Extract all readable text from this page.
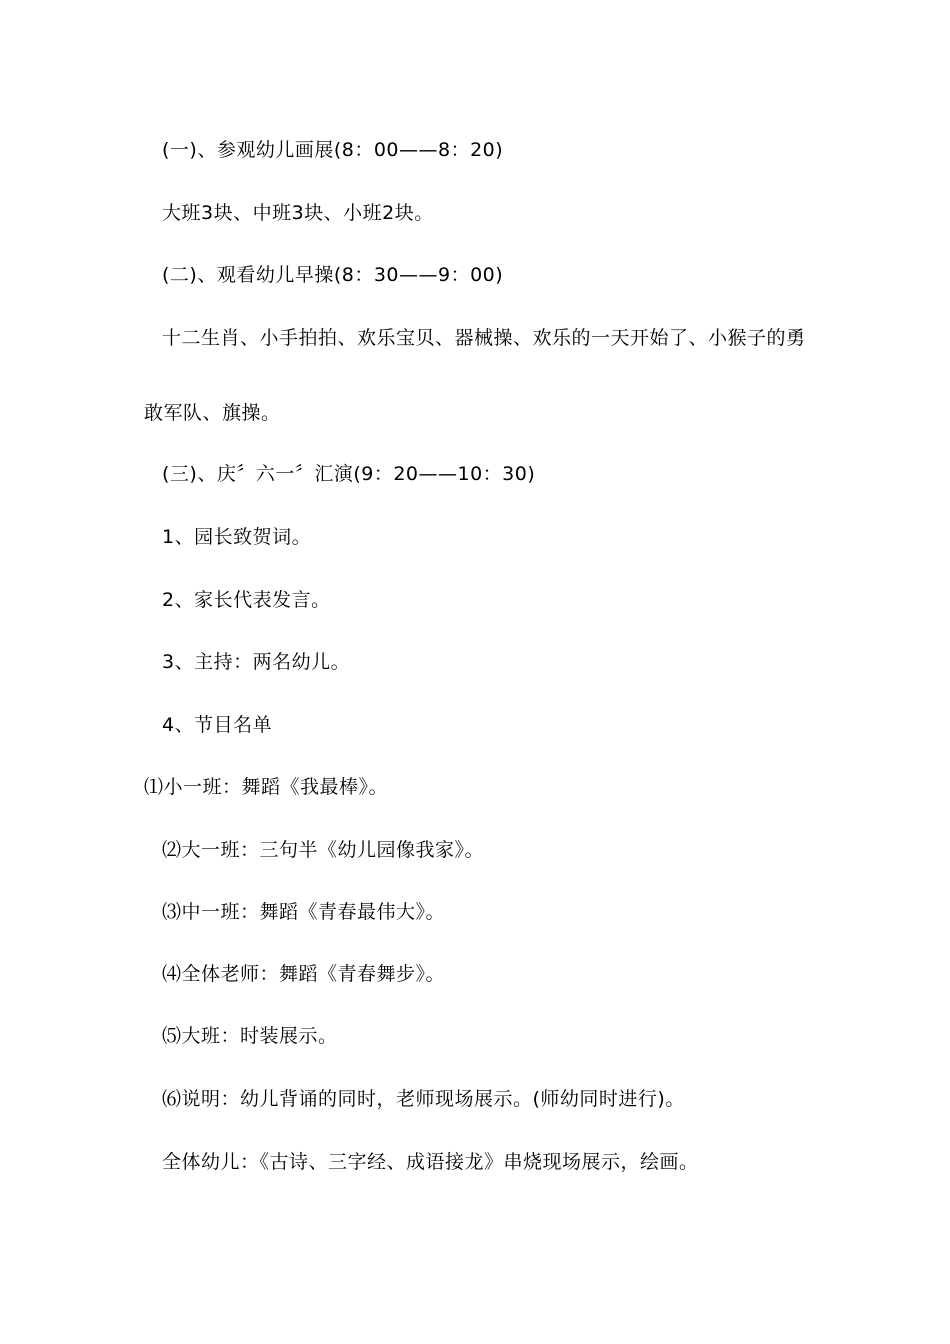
(一)、参观幼儿画展(8：00——8：20)
大班3块、中班3块、小班2块。
(二)、观看幼儿早操(8：30——9：00)
十二生肖、小手拍拍、欢乐宝贝、器械操、欢乐的一天开始了、小猴子的勇
敢军队、旗操。
(三)、庆〞六一〞汇演(9：20——10：30)
1、园长致贺词。
2、家长代表发言。
3、主持：两名幼儿。
4、节目名单
⑴小一班：舞蹈《我最棒》。
⑵大一班：三句半《幼儿园像我家》。
⑶中一班：舞蹈《青春最伟大》。
⑷全体老师：舞蹈《青春舞步》。
⑸大班：时装展示。
⑹说明：幼儿背诵的同时，老师现场展示。(师幼同时进行)。
全体幼儿：《古诗、三字经、成语接龙》串烧现场展示，绘画。
